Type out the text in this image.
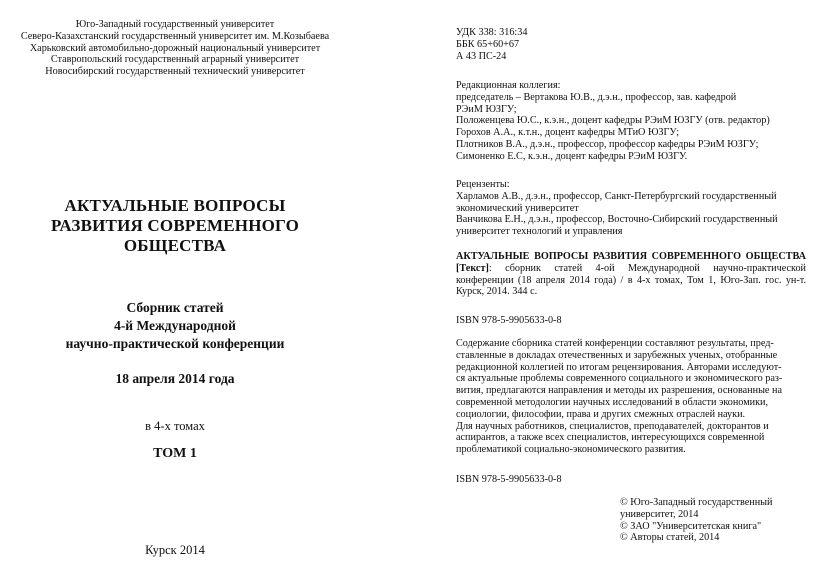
Юго-Западный государственный университет
Северо-Казахстанский государственный университет им. М.Козыбаева
Харьковский автомобильно-дорожный национальный университет
Ставропольский государственный аграрный университет
Новосибирский государственный технический университет
АКТУАЛЬНЫЕ ВОПРОСЫ
РАЗВИТИЯ СОВРЕМЕННОГО
ОБЩЕСТВА
Сборник статей
4-й Международной
научно-практической конференции
18 апреля 2014 года
в 4-х томах
ТОМ 1
Курск 2014
УДК 338: 316:34
ББК 65+60+67
А 43 ПС-24
Редакционная коллегия:
председатель – Вертакова Ю.В., д.э.н., профессор, зав. кафедрой
РЭиМ ЮЗГУ;
Положенцева Ю.С., к.э.н., доцент кафедры РЭиМ ЮЗГУ (отв. редактор)
Горохов А.А., к.т.н., доцент кафедры МТиО ЮЗГУ;
Плотников В.А., д.э.н., профессор, профессор кафедры РЭиМ ЮЗГУ;
Симоненко Е.С, к.э.н., доцент кафедры РЭиМ ЮЗГУ.
Рецензенты:
Харламов А.В., д.э.н., профессор, Санкт-Петербургский государственный
экономический университет
Ванчикова Е.Н., д.э.н., профессор, Восточно-Сибирский государственный
университет технологий и управления
АКТУАЛЬНЫЕ ВОПРОСЫ РАЗВИТИЯ СОВРЕМЕННОГО ОБЩЕСТВА [Текст]: сборник статей 4-ой Международной научно-практической конференции (18 апреля 2014 года) / в 4-х томах, Том 1, Юго-Зап. гос. ун-т. Курск, 2014. 344 с.
ISBN 978-5-9905633-0-8
Содержание сборника статей конференции составляют результаты, пред-
ставленные в докладах отечественных и зарубежных ученых, отобранные
редакционной коллегией по итогам рецензирования. Авторами исследуют-
ся актуальные проблемы современного социального и экономического раз-
вития, предлагаются направления и методы их разрешения, основанные на
современной методологии научных исследований в области экономики,
социологии, философии, права и других смежных отраслей науки.
Для научных работников, специалистов, преподавателей, докторантов и
аспирантов, а также всех специалистов, интересующихся современной
проблематикой социально-экономического развития.
ISBN 978-5-9905633-0-8
© Юго-Западный государственный
университет, 2014
© ЗАО "Университетская книга"
© Авторы статей, 2014
